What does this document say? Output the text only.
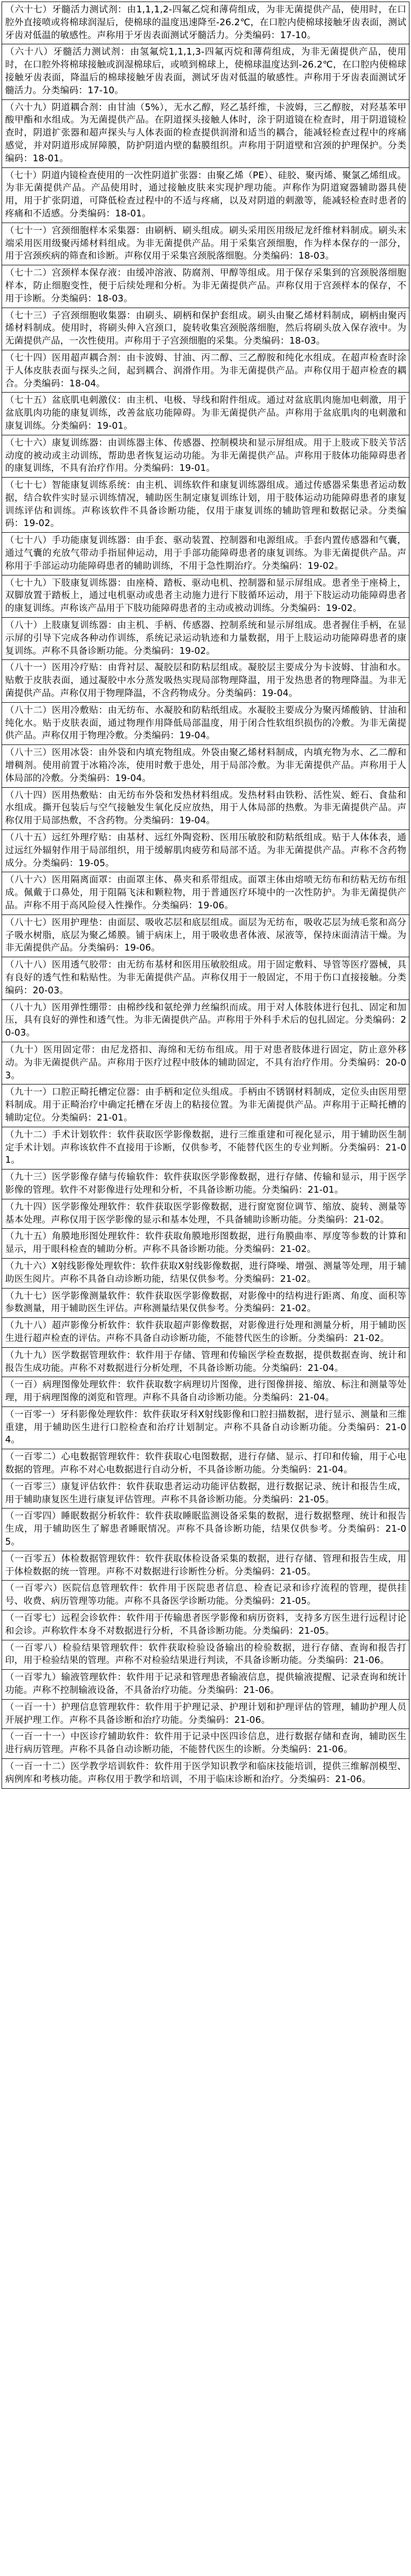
（六十七）牙髓活力测试剂：由1,1,1,2-四氟乙烷和薄荷组成，为非无菌提供产品，使用时，在口腔外直接喷或将棉球润湿后，使棉球的温度迅速降至-26.2℃，在口腔内使棉球接触牙齿表面，测试牙齿对低温的敏感性。声称用于牙齿表面测试牙髓活力。分类编码：17-10。
（六十八）牙髓活力测试剂：由氢氟烷1,1,1,3-四氟丙烷和薄荷组成，为非无菌提供产品，使用时，在口腔外将棉球接触或润湿棉球后，或喷到棉球上，使棉球温度达到-26.2℃，在口腔内使棉球接触牙齿表面，降温后的棉球接触牙齿表面，测试牙齿对低温的敏感性。声称用于牙齿表面测试牙髓活力。分类编码：17-10。
（六十九）阴道耦合剂：由甘油（5%），无水乙醇，羟乙基纤维，卡波姆，三乙醇胺，对羟基苯甲酸甲酯和水组成。为无菌提供产品。在阴道探头接触人体时，涂于阴道镜在检查时，用于阴道镜检查时，阴道扩张器和超声探头与人体表面的检查提供润滑和适当的耦合，能减轻检查过程中的疼痛感觉，并对阴道形成屏障膜，防护阴道内壁的黏膜组织。声称用于阴道壁和宫颈的护理保护。分类编码：18-01。
（七十）阴道内镜检查使用的一次性阴道扩张器：由聚乙烯（PE）、硅胶、聚丙烯、聚氯乙烯组成。为非无菌提供产品。产品使用时，通过接触皮肤来实现护理功能。声称作为阴道窥器辅助器具使用，用于扩张阴道，可降低检查过程中的不适与疼痛，以及对阴道的刺激等，能减轻检查时患者的疼痛和不适感。分类编码：18-01。
（七十一）宫颈细胞样本采集器：由刷柄、刷头组成。刷头采用医用级尼龙纤维材料制成。刷头末端采用医用级聚丙烯材料组成。为非无菌提供产品。用于采集宫颈细胞，作为样本保存的一部分，用于宫颈疾病的筛查和诊断。声称仅用于采集宫颈脱落细胞。分类编码：18-03。
（七十二）宫颈样本保存液：由缓冲溶液、防腐剂、甲醇等组成。用于保存采集到的宫颈脱落细胞样本，防止细胞变性，便于后续处理和分析。为非无菌提供产品。声称仅用于宫颈样本的保存，不用于诊断。分类编码：18-03。
（七十三）子宫颈细胞收集器：由刷头、刷柄和保护套组成。刷头由聚乙烯材料制成，刷柄由聚丙烯材料制成。使用时，将刷头伸入宫颈口，旋转收集宫颈脱落细胞，然后将刷头放入保存液中。为无菌提供产品，一次性使用。声称用于子宫颈细胞的采集。分类编码：18-03。
（七十四）医用超声耦合剂：由卡波姆、甘油、丙二醇、三乙醇胺和纯化水组成。在超声检查时涂于人体皮肤表面与探头之间，起到耦合、润滑作用。为非无菌提供产品。声称仅用于超声检查的耦合。分类编码：18-04。
（七十五）盆底肌电刺激仪：由主机、电极、导线和附件组成。通过对盆底肌肉施加电刺激，用于盆底肌肉功能的康复训练，改善盆底功能障碍。为非无菌提供产品。声称用于盆底肌肉的电刺激和康复训练。分类编码：19-01。
（七十六）康复训练器：由训练器主体、传感器、控制模块和显示屏组成。用于上肢或下肢关节活动度的被动或主动训练，帮助患者恢复运动功能。为非无菌提供产品。声称用于肢体功能障碍患者的康复训练，不具有治疗作用。分类编码：19-01。
（七十七）智能康复训练系统：由主机、训练软件和康复训练器组成。通过传感器采集患者运动数据，结合软件实时显示训练情况，辅助医生制定康复训练计划，用于肢体运动功能障碍患者的康复训练评估和训练。声称该软件不具备诊断功能，仅用于康复训练的辅助管理和数据记录。分类编码：19-02。
（七十八）手功能康复训练器：由手套、驱动装置、控制器和电源组成。手套内置传感器和气囊，通过气囊的充放气带动手指屈伸运动，用于手部功能障碍患者的康复训练。为非无菌提供产品。声称用于手部运动功能障碍患者的辅助训练，不用于急性期治疗。分类编码：19-02。
（七十九）下肢康复训练器：由座椅、踏板、驱动电机、控制器和显示屏组成。患者坐于座椅上，双脚放置于踏板上，通过电机驱动或患者主动施力进行下肢循环运动，用于下肢运动功能障碍患者的康复训练。声称该产品用于下肢功能障碍患者的主动或被动训练。分类编码：19-02。
（八十）上肢康复训练器：由主机、手柄、传感器、控制系统和显示屏组成。患者握住手柄，在显示屏的引导下完成各种动作训练，系统记录运动轨迹和力量数据，用于上肢运动功能障碍患者的康复训练。声称不具备诊断功能。分类编码：19-02。
（八十一）医用冷疗贴：由背衬层、凝胶层和防粘层组成。凝胶层主要成分为卡波姆、甘油和水。贴敷于皮肤表面，通过凝胶中水分蒸发吸热实现局部物理降温，用于发热患者的物理降温。为非无菌提供产品。声称仅用于物理降温，不含药物成分。分类编码：19-04。
（八十二）医用冷敷贴：由无纺布、水凝胶和防粘纸组成。水凝胶主要成分为聚丙烯酸钠、甘油和纯化水。贴于皮肤表面，通过物理作用降低局部温度，用于闭合性软组织损伤的冷敷。为非无菌提供产品。声称仅用于物理冷敷。分类编码：19-04。
（八十三）医用冰袋：由外袋和内填充物组成。外袋由聚乙烯材料制成，内填充物为水、乙二醇和增稠剂。使用前置于冰箱冷冻，使用时敷于患处，用于局部冷敷。为非无菌提供产品。声称用于人体局部的冷敷。分类编码：19-04。
（八十四）医用热敷贴：由无纺布外袋和发热材料组成。发热材料由铁粉、活性炭、蛭石、食盐和水组成。撕开包装后与空气接触发生氧化反应放热，用于人体局部的热敷。为非无菌提供产品。声称仅用于局部热敷，不含药物。分类编码：19-04。
（八十五）远红外理疗贴：由基材、远红外陶瓷粉、医用压敏胶和防粘纸组成。贴于人体体表，通过远红外辐射作用于局部组织，用于缓解肌肉疲劳和局部不适。为非无菌提供产品。声称不含药物成分。分类编码：19-05。
（八十六）医用隔离面罩：由面罩主体、鼻夹和系带组成。面罩主体由熔喷无纺布和纺粘无纺布组成。佩戴于口鼻处，用于阻隔飞沫和颗粒物，用于普通医疗环境中的一次性防护。为非无菌提供产品。声称不用于高风险侵入性操作。分类编码：19-06。
（八十七）医用护理垫：由面层、吸收芯层和底层组成。面层为无纺布，吸收芯层为绒毛浆和高分子吸水树脂，底层为聚乙烯膜。铺于病床上，用于吸收患者体液、尿液等，保持床面清洁干燥。为非无菌提供产品。分类编码：19-06。
（八十八）医用透气胶带：由无纺布基材和医用压敏胶组成。用于固定敷料、导管等医疗器械，具有良好的透气性和粘贴性。为非无菌提供产品。声称仅用于一般固定，不用于伤口直接接触。分类编码：20-03。
（八十九）医用弹性绷带：由棉纱线和氨纶弹力丝编织而成。用于对人体肢体进行包扎、固定和加压，具有良好的弹性和透气性。为非无菌提供产品。声称用于外科手术后的包扎固定。分类编码：20-03。
（九十）医用固定带：由尼龙搭扣、海绵和无纺布组成。用于对患者肢体进行固定，防止意外移动。为非无菌提供产品。声称用于医疗过程中肢体的辅助固定，不具有治疗作用。分类编码：20-03。
（九十一）口腔正畸托槽定位器：由手柄和定位头组成。手柄由不锈钢材料制成，定位头由医用塑料制成。用于正畸治疗中确定托槽在牙齿上的粘接位置。为非无菌提供产品。声称用于正畸托槽的辅助定位。分类编码：21-01。
（九十二）手术计划软件：软件获取医学影像数据，进行三维重建和可视化显示，用于辅助医生制定手术计划。声称该软件不直接用于诊断，仅供参考，不能替代医生的专业判断。分类编码：21-01。
（九十三）医学影像存储与传输软件：软件获取医学影像数据，进行存储、传输和显示，用于医学影像的管理。软件不对影像进行处理和分析，不具备诊断功能。分类编码：21-01。
（九十四）医学影像处理软件：软件获取医学影像数据，进行窗宽窗位调节、缩放、旋转、测量等基本处理。声称仅用于医学影像的显示和基本处理，不具备辅助诊断功能。分类编码：21-02。
（九十五）角膜地形图处理软件：软件获取角膜地形图数据，进行角膜曲率、厚度等参数的计算和显示，用于眼科检查的辅助分析。声称不具备诊断功能。分类编码：21-02。
（九十六）X射线影像处理软件：软件获取X射线影像数据，进行降噪、增强、测量等处理，用于辅助医生阅片。声称不具备自动诊断功能，结果仅供参考。分类编码：21-02。
（九十七）医学影像测量软件：软件获取医学影像数据，对影像中的结构进行距离、角度、面积等参数测量，用于辅助医生评估。声称测量结果仅供参考。分类编码：21-02。
（九十八）超声影像分析软件：软件获取超声影像数据，对影像进行处理和测量分析，用于辅助医生进行超声检查的评估。声称不具备自动诊断功能，不能替代医生的诊断。分类编码：21-02。
（九十九）医学数据管理软件：软件用于存储、管理和传输医学检查数据，提供数据查询、统计和报告生成功能。声称不对数据进行分析处理，不具备诊断功能。分类编码：21-04。
（一百）病理图像处理软件：软件获取数字病理切片图像，进行图像拼接、缩放、标注和测量等处理，用于病理图像的浏览和管理。声称不具备自动诊断功能。分类编码：21-04。
（一百零一）牙科影像处理软件：软件获取牙科X射线影像和口腔扫描数据，进行显示、测量和三维重建，用于辅助医生进行口腔检查和治疗计划制定。声称不具备自动诊断功能。分类编码：21-04。
（一百零二）心电数据管理软件：软件获取心电图数据，进行存储、显示、打印和传输，用于心电数据的管理。声称不对心电数据进行自动分析，不具备诊断功能。分类编码：21-04。
（一百零三）康复评估软件：软件获取患者运动功能评估数据，进行数据记录、统计和报告生成，用于辅助康复医生进行康复评估管理。声称不具备诊断功能。分类编码：21-05。
（一百零四）睡眠数据分析软件：软件获取睡眠监测设备采集的数据，进行数据整理、统计和报告生成，用于辅助医生了解患者睡眠情况。声称不具备诊断功能，结果仅供参考。分类编码：21-05。
（一百零五）体检数据管理软件：软件获取体检设备采集的数据，进行存储、管理和报告生成，用于体检数据的统一管理。声称不对数据进行诊断性分析。分类编码：21-05。
（一百零六）医院信息管理软件：软件用于医院患者信息、检查记录和诊疗流程的管理，提供挂号、收费、病历管理等功能。声称不具备医学诊断功能。分类编码：21-05。
（一百零七）远程会诊软件：软件用于传输患者医学影像和病历资料，支持多方医生进行远程讨论和会诊。声称软件本身不对数据进行分析，不具备诊断功能。分类编码：21-05。
（一百零八）检验结果管理软件：软件获取检验设备输出的检验数据，进行存储、查询和报告打印，用于检验结果的管理。声称不对检验结果进行判读，不具备诊断功能。分类编码：21-06。
（一百零九）输液管理软件：软件用于记录和管理患者输液信息，提供输液提醒、记录查询和统计功能。声称不控制输液设备，不具备治疗功能。分类编码：21-06。
（一百一十）护理信息管理软件：软件用于护理记录、护理计划和护理评估的管理，辅助护理人员开展护理工作。声称不具备诊断和治疗功能。分类编码：21-06。
（一百一十一）中医诊疗辅助软件：软件用于记录中医四诊信息，进行数据存储和查询，辅助医生进行病历管理。声称不具备自动诊断功能，不能替代医生的诊断。分类编码：21-06。
（一百一十二）医学教学培训软件：软件用于医学知识教学和临床技能培训，提供三维解剖模型、病例库和考核功能。声称仅用于教学和培训，不用于临床诊断和治疗。分类编码：21-06。
